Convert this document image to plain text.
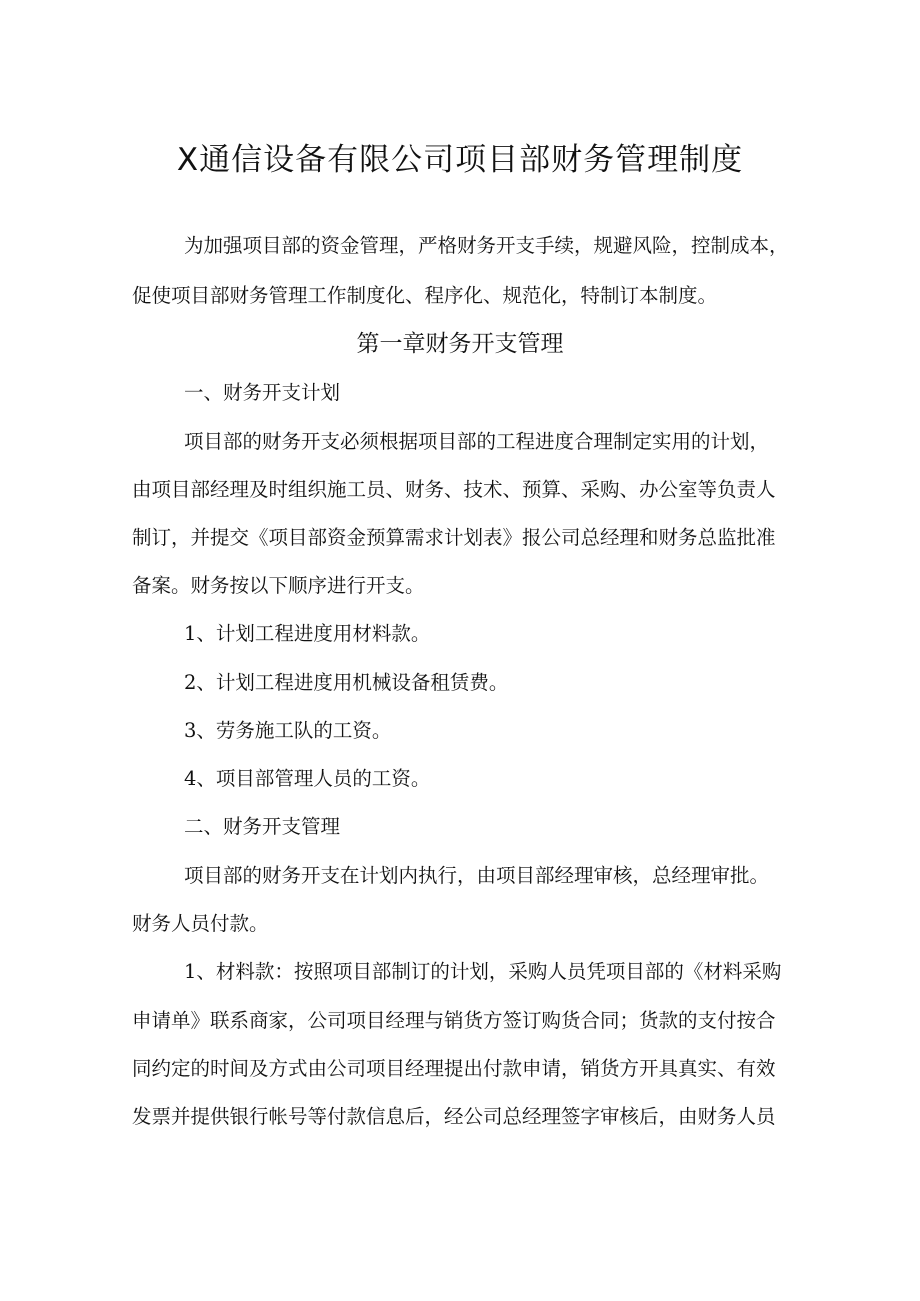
X通信设备有限公司项目部财务管理制度
为加强项目部的资金管理，严格财务开支手续，规避风险，控制成本，
促使项目部财务管理工作制度化、程序化、规范化，特制订本制度。
第一章财务开支管理
一、财务开支计划
项目部的财务开支必须根据项目部的工程进度合理制定实用的计划，
由项目部经理及时组织施工员、财务、技术、预算、采购、办公室等负责人
制订，并提交《项目部资金预算需求计划表》报公司总经理和财务总监批准
备案。财务按以下顺序进行开支。
1、计划工程进度用材料款。
2、计划工程进度用机械设备租赁费。
3、劳务施工队的工资。
4、项目部管理人员的工资。
二、财务开支管理
项目部的财务开支在计划内执行，由项目部经理审核，总经理审批。
财务人员付款。
1、材料款：按照项目部制订的计划，采购人员凭项目部的《材料采购
申请单》联系商家，公司项目经理与销货方签订购货合同；货款的支付按合
同约定的时间及方式由公司项目经理提出付款申请，销货方开具真实、有效
发票并提供银行帐号等付款信息后，经公司总经理签字审核后，由财务人员
